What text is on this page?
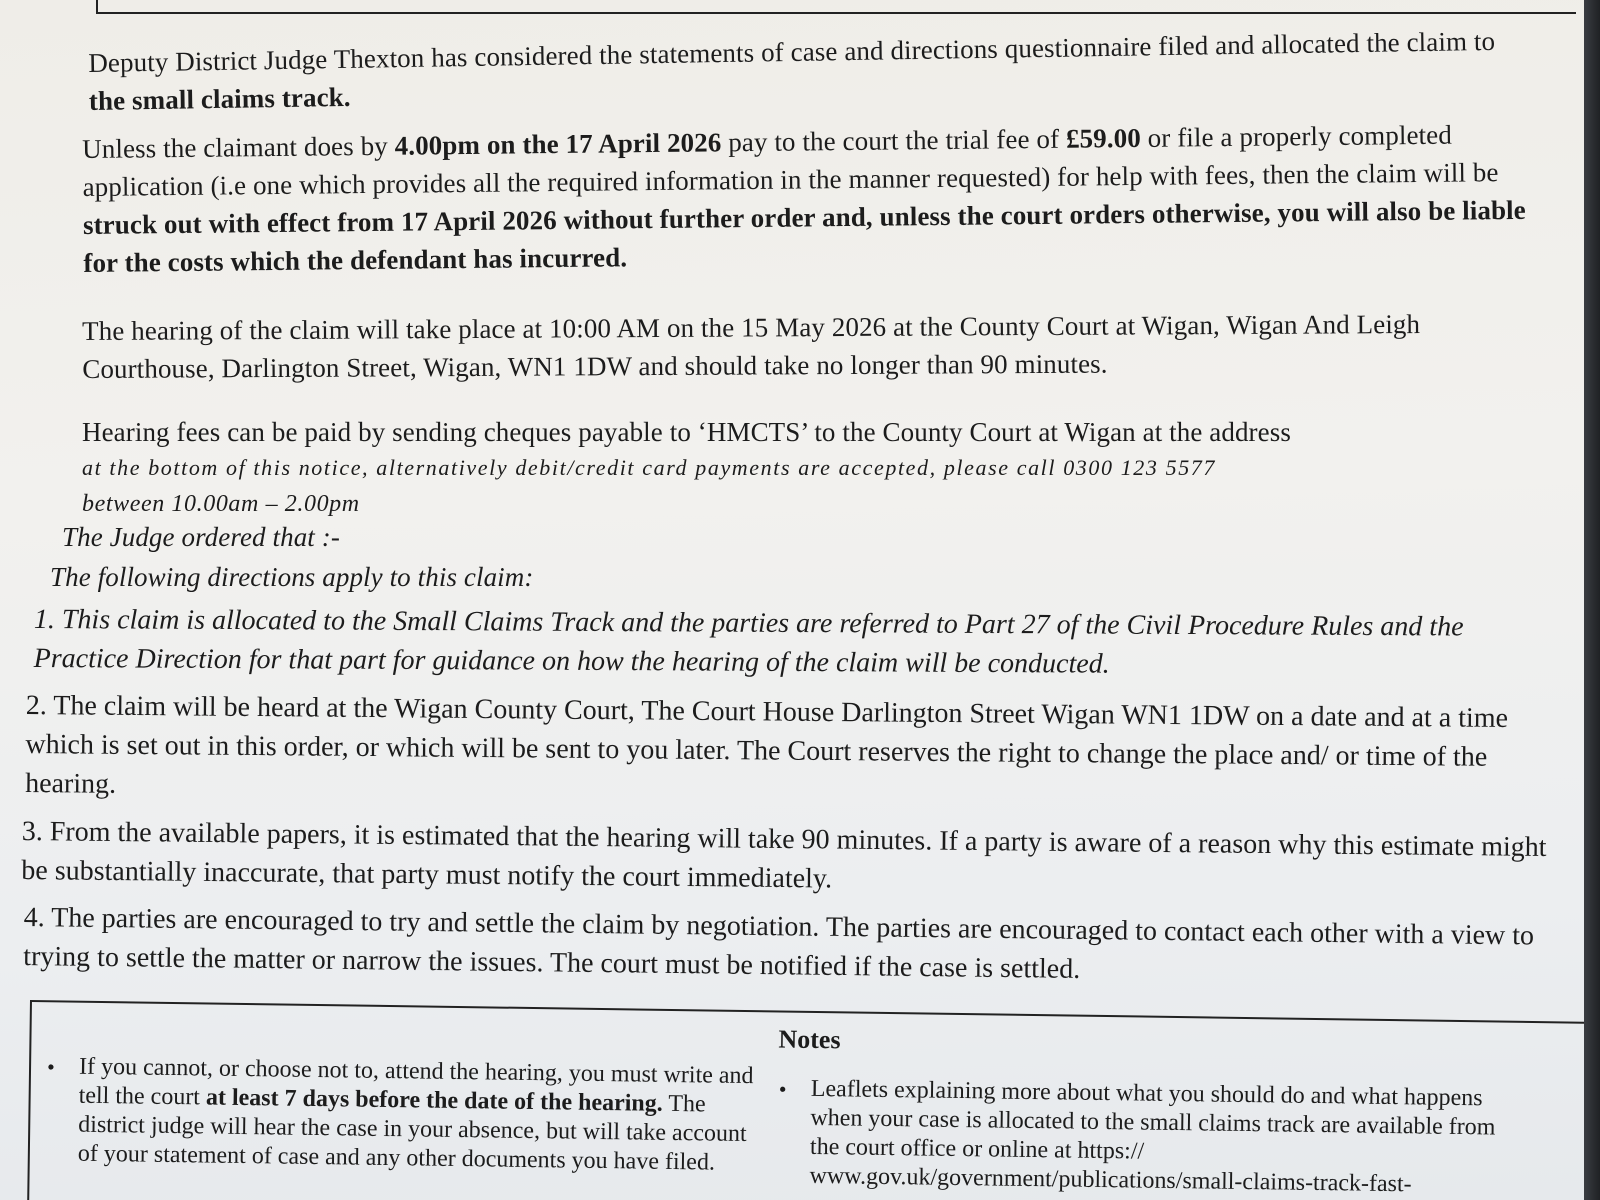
Deputy District Judge Thexton has considered the statements of case and directions questionnaire filed and allocated the claim to the small claims track.

Unless the claimant does by 4.00pm on the 17 April 2026 pay to the court the trial fee of £59.00 or file a properly completed application (i.e one which provides all the required information in the manner requested) for help with fees, then the claim will be struck out with effect from 17 April 2026 without further order and, unless the court orders otherwise, you will also be liable for the costs which the defendant has incurred.

The hearing of the claim will take place at 10:00 AM on the 15 May 2026 at the County Court at Wigan, Wigan And Leigh Courthouse, Darlington Street, Wigan, WN1 1DW and should take no longer than 90 minutes.

Hearing fees can be paid by sending cheques payable to ‘HMCTS’ to the County Court at Wigan at the address
at the bottom of this notice, alternatively debit/credit card payments are accepted, please call 0300 123 5577
between 10.00am – 2.00pm

The Judge ordered that :-

The following directions apply to this claim:

1. This claim is allocated to the Small Claims Track and the parties are referred to Part 27 of the Civil Procedure Rules and the Practice Direction for that part for guidance on how the hearing of the claim will be conducted.

2. The claim will be heard at the Wigan County Court, The Court House Darlington Street Wigan WN1 1DW on a date and at a time which is set out in this order, or which will be sent to you later. The Court reserves the right to change the place and/ or time of the hearing.

3. From the available papers, it is estimated that the hearing will take 90 minutes. If a party is aware of a reason why this estimate might be substantially inaccurate, that party must notify the court immediately.

4. The parties are encouraged to try and settle the claim by negotiation. The parties are encouraged to contact each other with a view to trying to settle the matter or narrow the issues. The court must be notified if the case is settled.

Notes
• If you cannot, or choose not to, attend the hearing, you must write and tell the court at least 7 days before the date of the hearing. The district judge will hear the case in your absence, but will take account of your statement of case and any other documents you have filed.
• Leaflets explaining more about what you should do and what happens when your case is allocated to the small claims track are available from the court office or online at https:// www.gov.uk/government/publications/small-claims-track-fast-
